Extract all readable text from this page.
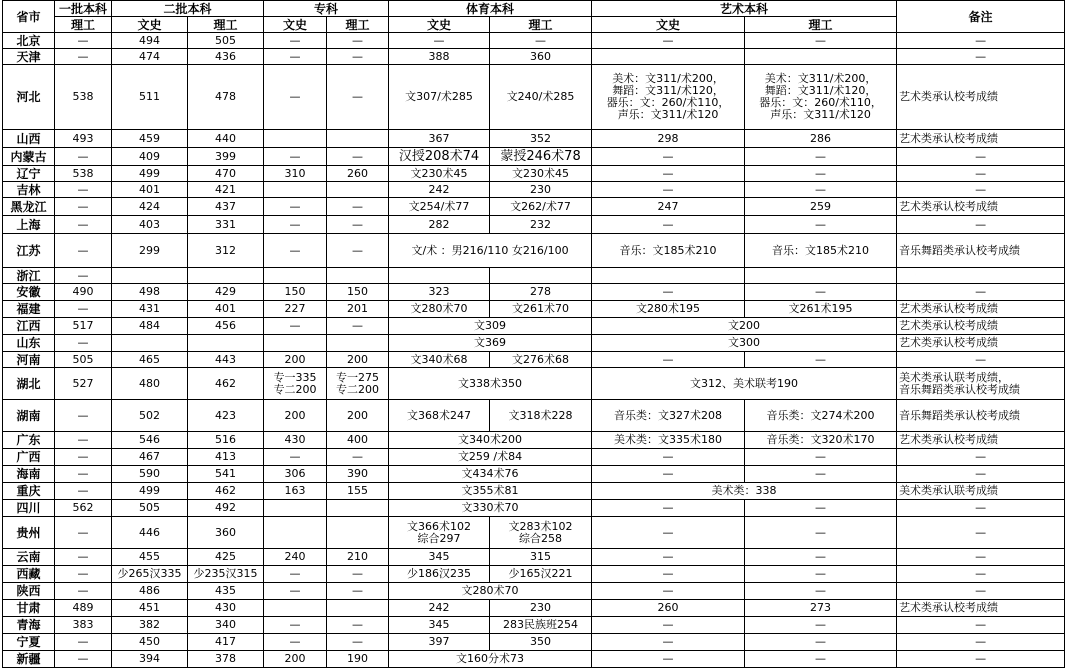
省市	一批本科	二批本科		专科		体育本科		艺术本科		备注
	理工	文史	理工	文史	理工	文史	理工	文史	理工	
北京	—	494	505	—	—	—	—	—	—	—
天津	—	474	436	—	—	388	360			—
河北	538	511	478	—	—	文307/术285	文240/术285	美术：文311/术200，
舞蹈：文311/术120，
器乐：文：260/术110，
声乐：文311/术120	美术：文311/术200，
舞蹈：文311/术120，
器乐：文：260/术110，
声乐：文311/术120	艺术类承认校考成绩
山西	493	459	440			367	352	298	286	艺术类承认校考成绩
内蒙古	—	409	399	—	—	汉授208术74	蒙授246术78	—	—	—
辽宁	538	499	470	310	260	文230术45	文230术45	—	—	—
吉林	—	401	421			242	230	—	—	—
黑龙江	—	424	437	—	—	文254/术77	文262/术77	247	259	艺术类承认校考成绩
上海	—	403	331	—	—	282	232	—	—	—
江苏	—	299	312	—	—	文/术 ：男216/110 女216/100		音乐：文185术210	音乐：文185术210	音乐舞蹈类承认校考成绩
浙江	—									
安徽	490	498	429	150	150	323	278	—	—	—
福建	—	431	401	227	201	文280术70	文261术70	文280术195	文261术195	艺术类承认校考成绩
江西	517	484	456	—	—	文309		文200		艺术类承认校考成绩
山东	—					文369		文300		艺术类承认校考成绩
河南	505	465	443	200	200	文340术68	文276术68	—	—	—
湖北	527	480	462	专一335
专二200	专一275
专二200	文338术350		文312、美术联考190		美术类承认联考成绩，
音乐舞蹈类承认校考成绩
湖南	—	502	423	200	200	文368术247	文318术228	音乐类：文327术208	音乐类：文274术200	音乐舞蹈类承认校考成绩
广东	—	546	516	430	400	文340术200		美术类：文335术180	音乐类：文320术170	艺术类承认校考成绩
广西	—	467	413	—	—	文259 /术84		—	—	—
海南	—	590	541	306	390	文434术76		—	—	—
重庆	—	499	462	163	155	文355术81		美术类：338		美术类承认联考成绩
四川	562	505	492			文330术70		—	—	—
贵州	—	446	360			文366术102
综合297	文283术102
综合258	—	—	—
云南	—	455	425	240	210	345	315	—	—	—
西藏	—	少265汉335	少235汉315	—	—	少186汉235	少165汉221	—	—	—
陕西	—	486	435	—	—	文280术70		—	—	—
甘肃	489	451	430			242	230	260	273	艺术类承认校考成绩
青海	383	382	340	—	—	345	283民族班254	—	—	—
宁夏	—	450	417	—	—	397	350	—	—	—
新疆	—	394	378	200	190	文160分术73		—	—	—
